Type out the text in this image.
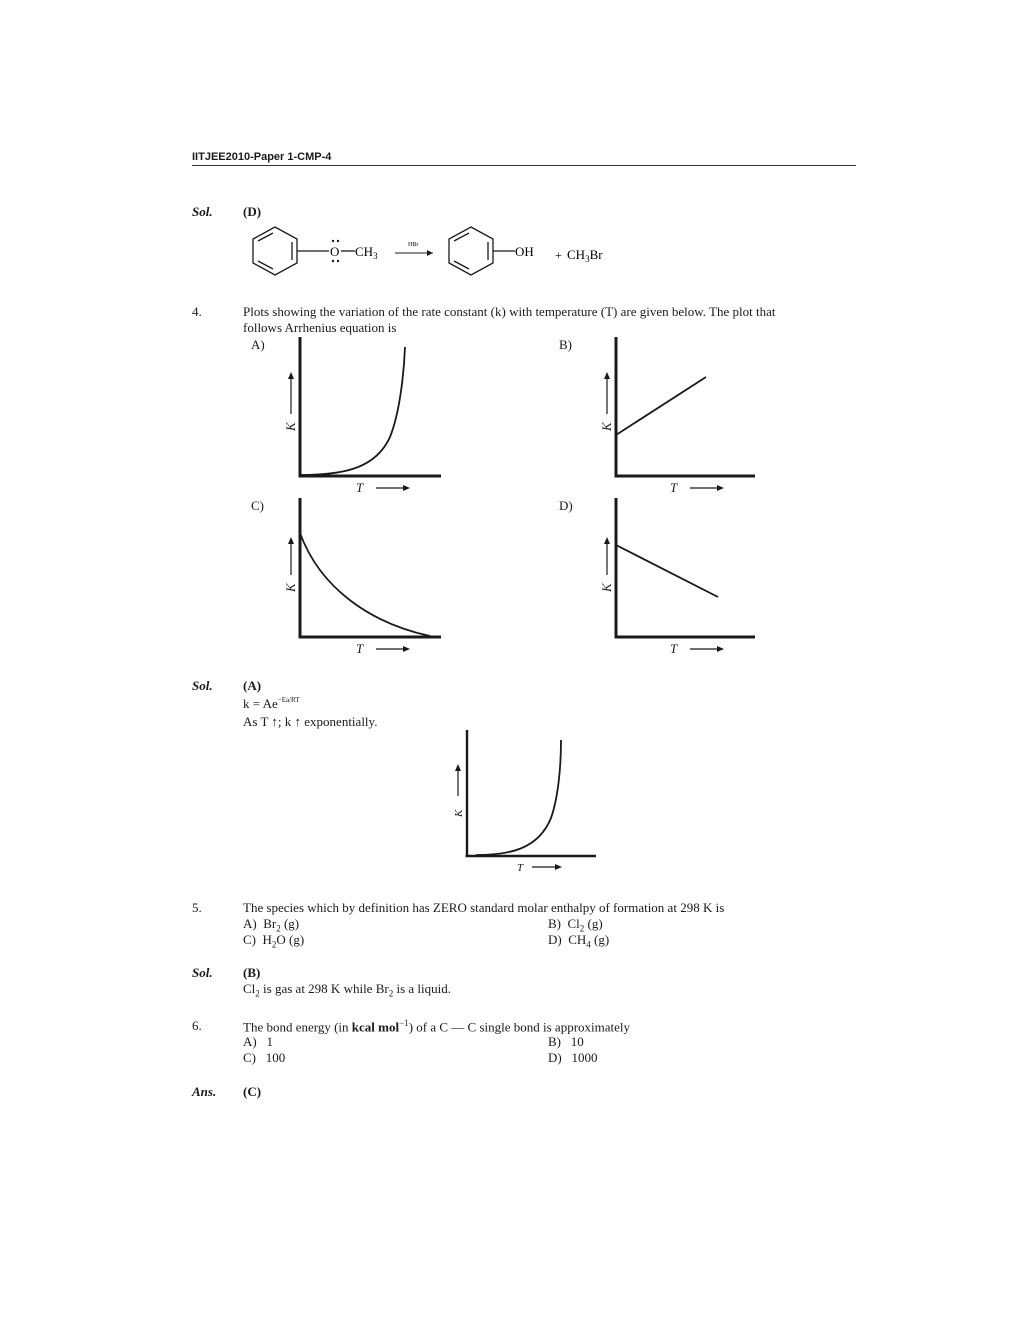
IITJEE2010-Paper 1-CMP-4
Sol. (D)
O $CH_3$
HBr	OH + $CH_3Br$
4.	Plots showing the variation of the rate constant (k) with temperature (T) are given below. The plot that
follows Arrhenius equation is
A)	B)
C)	D)
K
T
K
T
K
T
K
T
Sol. (A)
$k = Ae^{-Ea/RT}$
As T ↑; k ↑ exponentially.
K
T
5.	The species which by definition has ZERO standard molar enthalpy of formation at 298 K is
A) $Br_2$ (g)	B) $Cl_2$ (g)
C) $H_2O$ (g)	D) $CH_4$ (g)
Sol. (B)
$Cl_2$ is gas at 298 K while $Br_2$ is a liquid.
6.	The bond energy (in kcal mol$^{-1}$) of a C — C single bond is approximately
A) 1	B) 10
C) 100	D) 1000
Ans. (C)
